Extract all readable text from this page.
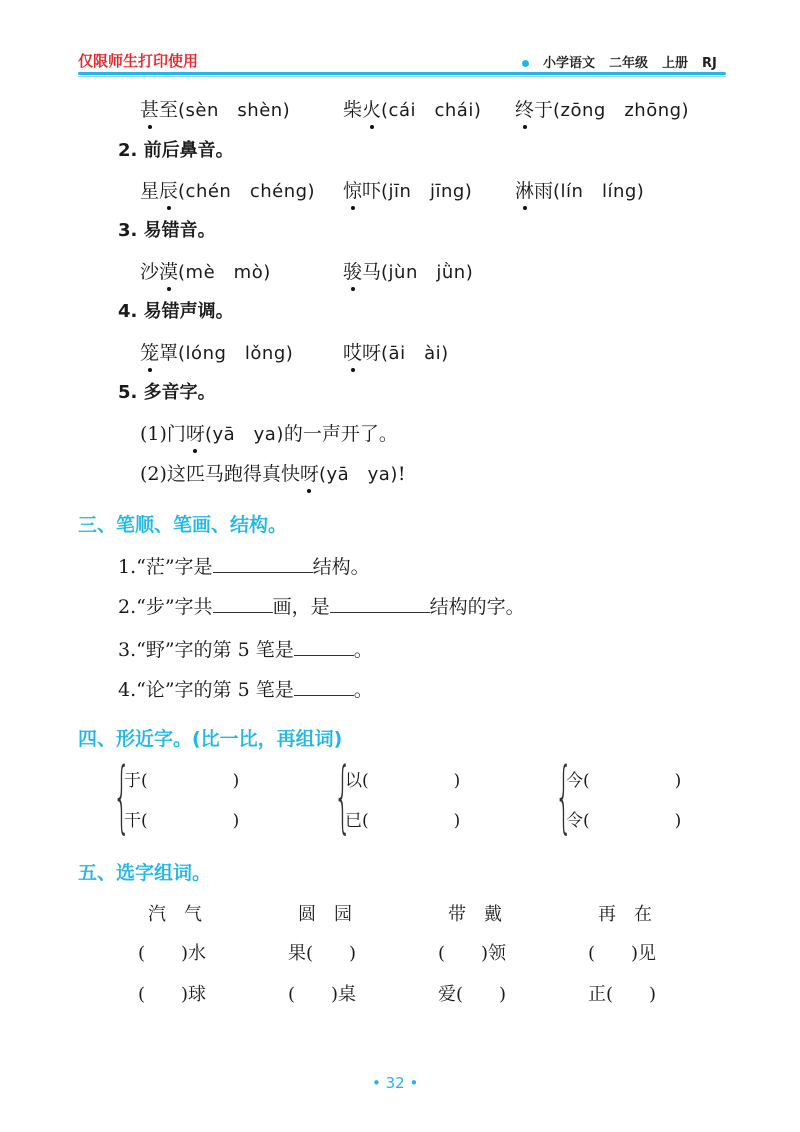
仅限师生打印使用	小学语文 二年级 上册 RJ
甚至(sèn　shèn)	柴火(cái　chái) 终于(zōng　zhōng)
2. 前后鼻音。
星辰(chén　chéng) 惊吓(jīn　jīng) 淋雨(lín　líng)
3. 易错音。
沙漠(mè　mò)	骏马(jùn　jǜn)
4. 易错声调。
笼罩(lóng　lǒng)	哎呀(āi　ài)
5. 多音字。
(1)门呀(yā　ya)的一声开了。
(2)这匹马跑得真快呀(yā　ya)!
三、笔顺、笔画、结构。
1.“茫”字是	结构。
2.“步”字共	画，是	结构的字。
3.“野”字的第 5 笔是	。
4.“论”字的第 5 笔是	。
四、形近字。(比一比，再组词)
{
于(　　　　　)
干(　　　　　) {
以(　　　　　)
已(　　　　　) {
今(　　　　　)
令(　　　　　)
五、选字组词。
汽　气	圆　园	带　戴	再　在
(　　)水	果(　　)	(　　)领	(　　)见
(　　)球	(　　)桌	爱(　　)	正(　　)
• 32 •
